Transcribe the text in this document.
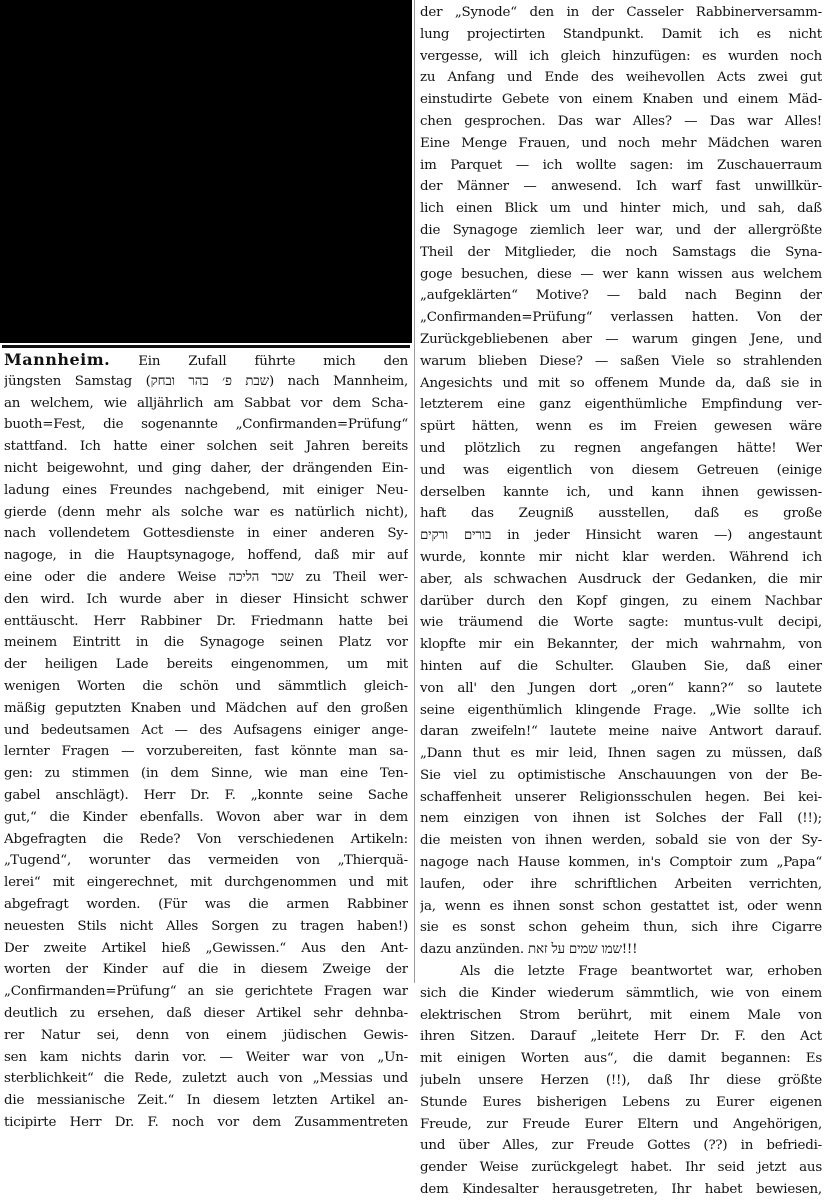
Mannheim. Ein Zufall führte mich den
jüngsten Samstag (שבת פ׳ בהר ובחק) nach Mannheim,
an welchem, wie alljährlich am Sabbat vor dem Scha-
buoth=Fest, die sogenannte „Confirmanden=Prüfung“
stattfand. Ich hatte einer solchen seit Jahren bereits
nicht beigewohnt, und ging daher, der drängenden Ein-
ladung eines Freundes nachgebend, mit einiger Neu-
gierde (denn mehr als solche war es natürlich nicht),
nach vollendetem Gottesdienste in einer anderen Sy-
nagoge, in die Hauptsynagoge, hoffend, daß mir auf
eine oder die andere Weise שכר הליכה zu Theil wer-
den wird. Ich wurde aber in dieser Hinsicht schwer
enttäuscht. Herr Rabbiner Dr. Friedmann hatte bei
meinem Eintritt in die Synagoge seinen Platz vor
der heiligen Lade bereits eingenommen, um mit
wenigen Worten die schön und sämmtlich gleich-
mäßig geputzten Knaben und Mädchen auf den großen
und bedeutsamen Act — des Aufsagens einiger ange-
lernter Fragen — vorzubereiten, fast könnte man sa-
gen: zu stimmen (in dem Sinne, wie man eine Ten-
gabel anschlägt). Herr Dr. F. „konnte seine Sache
gut,“ die Kinder ebenfalls. Wovon aber war in dem
Abgefragten die Rede? Von verschiedenen Artikeln:
„Tugend“, worunter das vermeiden von „Thierquä-
lerei“ mit eingerechnet, mit durchgenommen und mit
abgefragt worden. (Für was die armen Rabbiner
neuesten Stils nicht Alles Sorgen zu tragen haben!)
Der zweite Artikel hieß „Gewissen.“ Aus den Ant-
worten der Kinder auf die in diesem Zweige der
„Confirmanden=Prüfung“ an sie gerichtete Fragen war
deutlich zu ersehen, daß dieser Artikel sehr dehnba-
rer Natur sei, denn von einem jüdischen Gewis-
sen kam nichts darin vor. — Weiter war von „Un-
sterblichkeit“ die Rede, zuletzt auch von „Messias und
die messianische Zeit.“ In diesem letzten Artikel an-
ticipirte Herr Dr. F. noch vor dem Zusammentreten
der „Synode“ den in der Casseler Rabbinerversamm-
lung projectirten Standpunkt. Damit ich es nicht
vergesse, will ich gleich hinzufügen: es wurden noch
zu Anfang und Ende des weihevollen Acts zwei gut
einstudirte Gebete von einem Knaben und einem Mäd-
chen gesprochen. Das war Alles? — Das war Alles!
Eine Menge Frauen, und noch mehr Mädchen waren
im Parquet — ich wollte sagen: im Zuschauerraum
der Männer — anwesend. Ich warf fast unwillkür-
lich einen Blick um und hinter mich, und sah, daß
die Synagoge ziemlich leer war, und der allergrößte
Theil der Mitglieder, die noch Samstags die Syna-
goge besuchen, diese — wer kann wissen aus welchem
„aufgeklärten“ Motive? — bald nach Beginn der
„Confirmanden=Prüfung“ verlassen hatten. Von der
Zurückgebliebenen aber — warum gingen Jene, und
warum blieben Diese? — saßen Viele so strahlenden
Angesichts und mit so offenem Munde da, daß sie in
letzterem eine ganz eigenthümliche Empfindung ver-
spürt hätten, wenn es im Freien gewesen wäre
und plötzlich zu regnen angefangen hätte! Wer
und was eigentlich von diesem Getreuen (einige
derselben kannte ich, und kann ihnen gewissen-
haft das Zeugniß ausstellen, daß es große
בורים ורקים in jeder Hinsicht waren —) angestaunt
wurde, konnte mir nicht klar werden. Während ich
aber, als schwachen Ausdruck der Gedanken, die mir
darüber durch den Kopf gingen, zu einem Nachbar
wie träumend die Worte sagte: muntus-vult decipi,
klopfte mir ein Bekannter, der mich wahrnahm, von
hinten auf die Schulter. Glauben Sie, daß einer
von all' den Jungen dort „oren“ kann?“ so lautete
seine eigenthümlich klingende Frage. „Wie sollte ich
daran zweifeln!“ lautete meine naive Antwort darauf.
„Dann thut es mir leid, Ihnen sagen zu müssen, daß
Sie viel zu optimistische Anschauungen von der Be-
schaffenheit unserer Religionsschulen hegen. Bei kei-
nem einzigen von ihnen ist Solches der Fall (!!);
die meisten von ihnen werden, sobald sie von der Sy-
nagoge nach Hause kommen, in's Comptoir zum „Papa“
laufen, oder ihre schriftlichen Arbeiten verrichten,
ja, wenn es ihnen sonst schon gestattet ist, oder wenn
sie es sonst schon geheim thun, sich ihre Cigarre
dazu anzünden. שמו שמים על זאת!!!
Als die letzte Frage beantwortet war, erhoben
sich die Kinder wiederum sämmtlich, wie von einem
elektrischen Strom berührt, mit einem Male von
ihren Sitzen. Darauf „leitete Herr Dr. F. den Act
mit einigen Worten aus“, die damit begannen: Es
jubeln unsere Herzen (!!), daß Ihr diese größte
Stunde Eures bisherigen Lebens zu Eurer eigenen
Freude, zur Freude Eurer Eltern und Angehörigen,
und über Alles, zur Freude Gottes (??) in befriedi-
gender Weise zurückgelegt habet. Ihr seid jetzt aus
dem Kindesalter herausgetreten, Ihr habet bewiesen,
